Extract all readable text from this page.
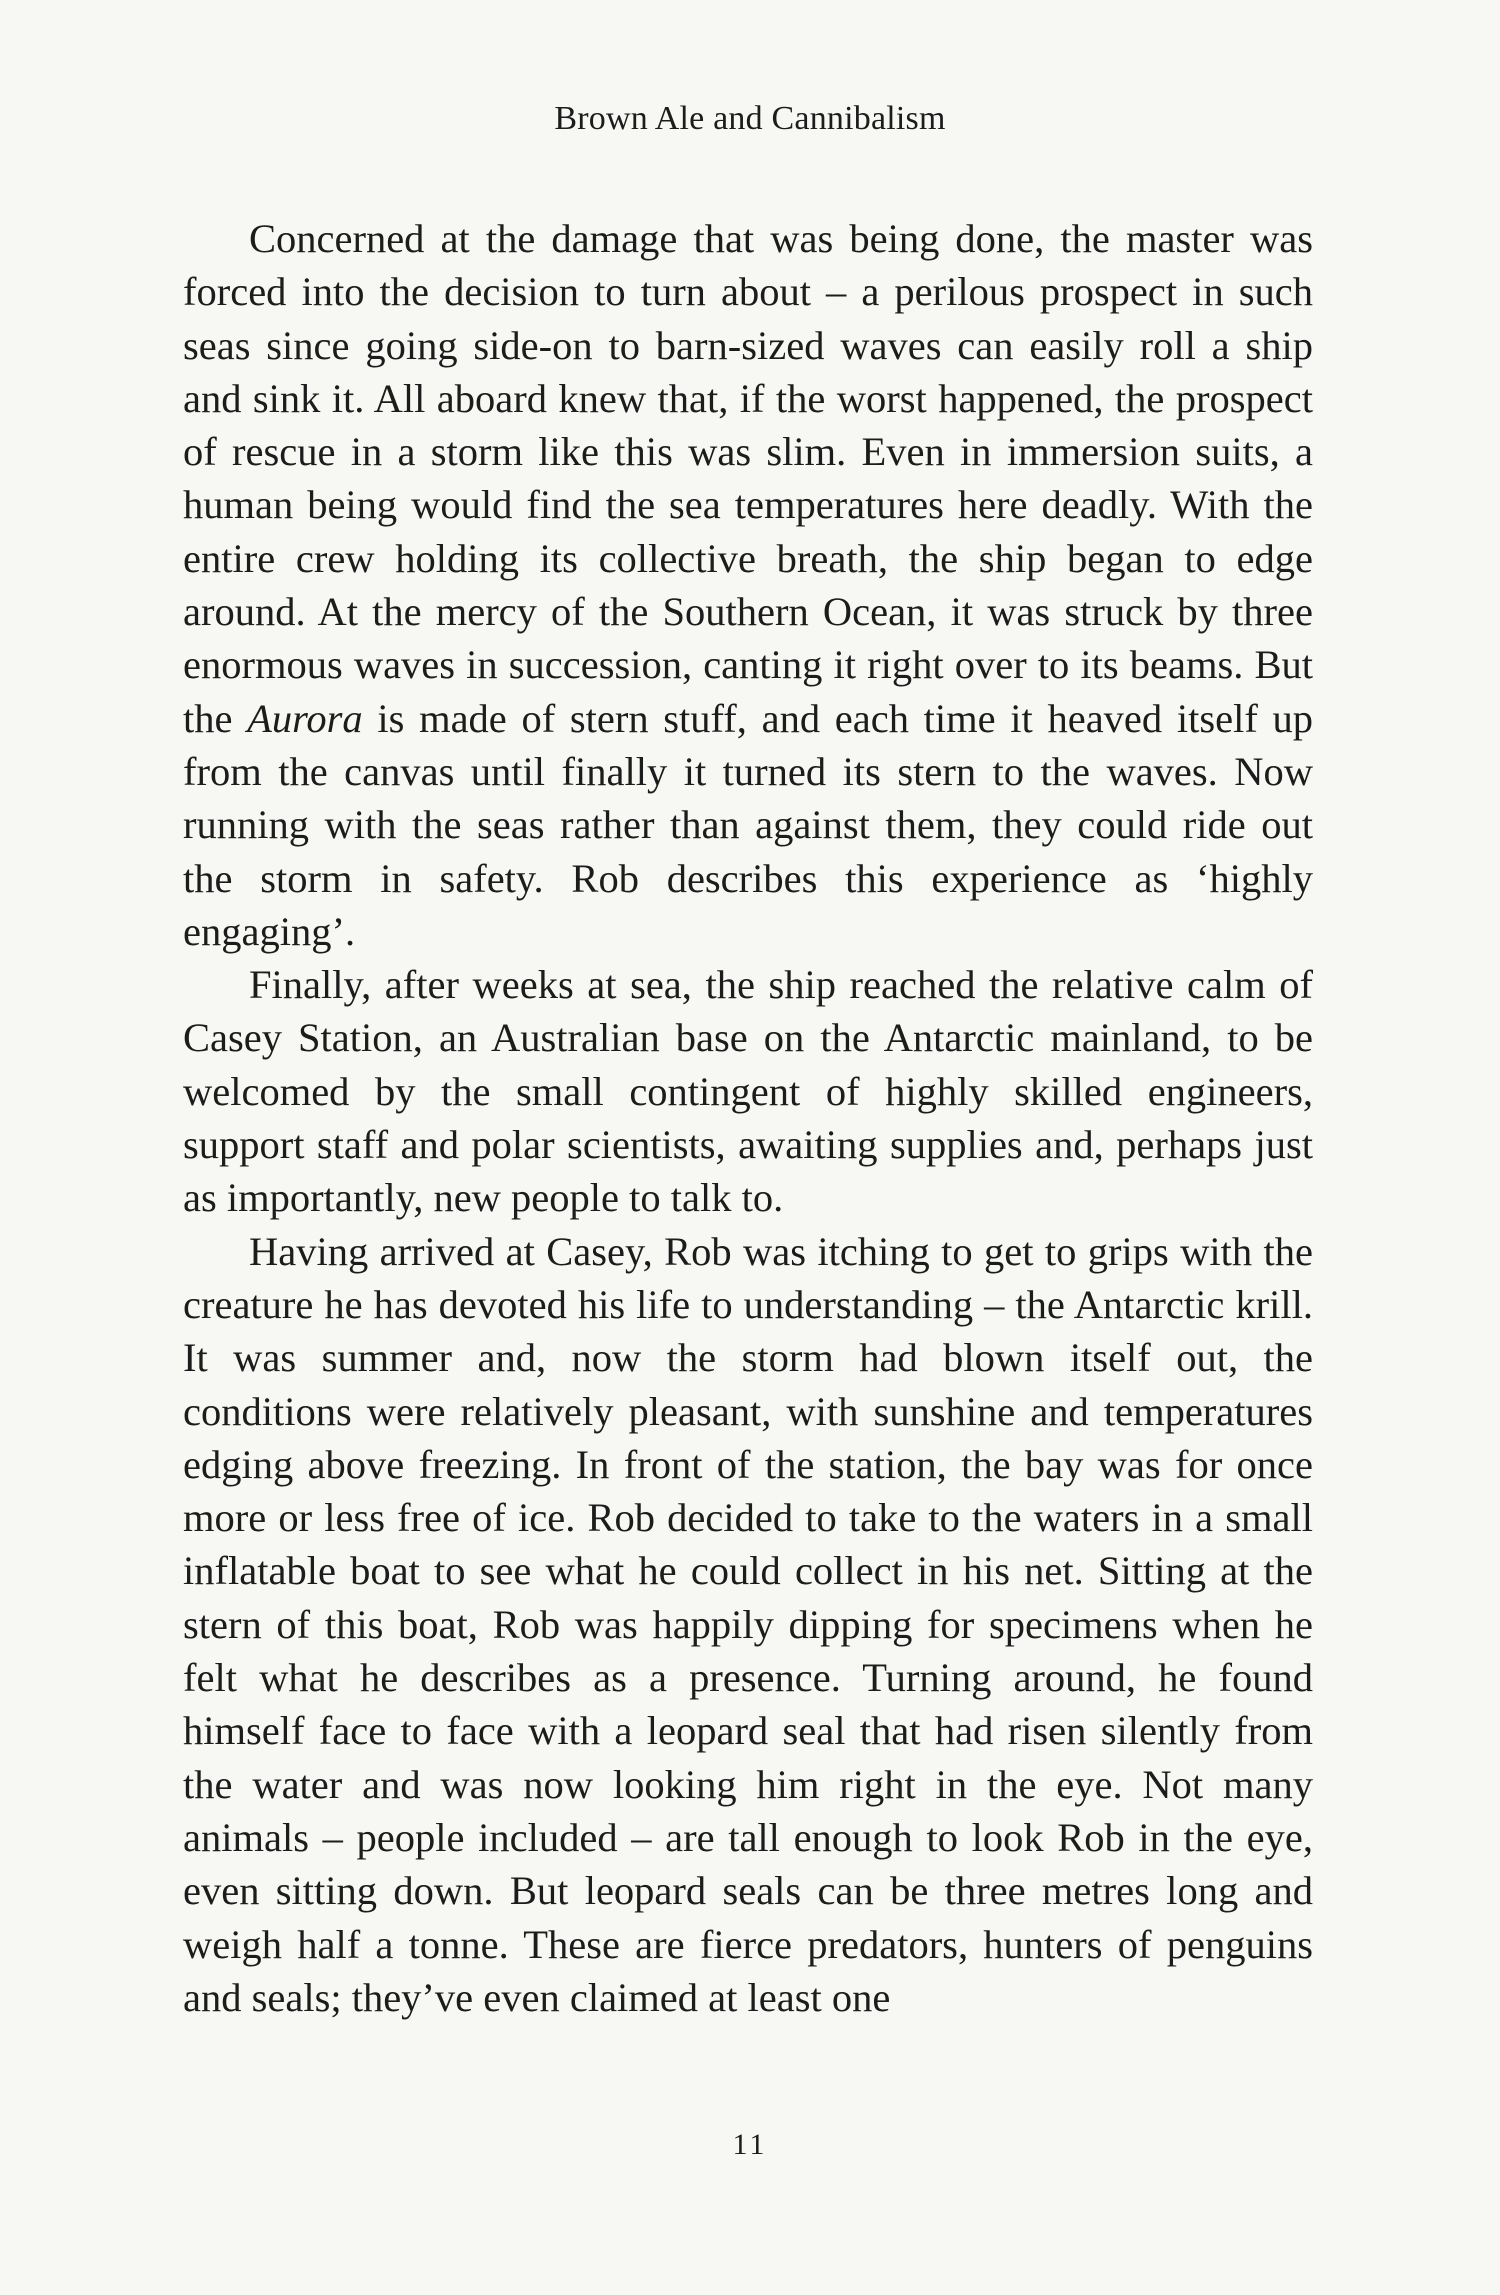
Brown Ale and Cannibalism

Concerned at the damage that was being done, the master was forced into the decision to turn about – a perilous prospect in such seas since going side-on to barn-sized waves can easily roll a ship and sink it. All aboard knew that, if the worst happened, the prospect of rescue in a storm like this was slim. Even in immersion suits, a human being would find the sea temperatures here deadly. With the entire crew holding its collective breath, the ship began to edge around. At the mercy of the Southern Ocean, it was struck by three enormous waves in succession, canting it right over to its beams. But the Aurora is made of stern stuff, and each time it heaved itself up from the canvas until finally it turned its stern to the waves. Now running with the seas rather than against them, they could ride out the storm in safety. Rob describes this experience as ‘highly engaging’.

Finally, after weeks at sea, the ship reached the relative calm of Casey Station, an Australian base on the Antarctic mainland, to be welcomed by the small contingent of highly skilled engineers, support staff and polar scientists, awaiting supplies and, perhaps just as importantly, new people to talk to.

Having arrived at Casey, Rob was itching to get to grips with the creature he has devoted his life to understanding – the Antarctic krill. It was summer and, now the storm had blown itself out, the conditions were relatively pleasant, with sunshine and temperatures edging above freezing. In front of the station, the bay was for once more or less free of ice. Rob decided to take to the waters in a small inflatable boat to see what he could collect in his net. Sitting at the stern of this boat, Rob was happily dipping for specimens when he felt what he describes as a presence. Turning around, he found himself face to face with a leopard seal that had risen silently from the water and was now looking him right in the eye. Not many animals – people included – are tall enough to look Rob in the eye, even sitting down. But leopard seals can be three metres long and weigh half a tonne. These are fierce predators, hunters of penguins and seals; they’ve even claimed at least one

11
